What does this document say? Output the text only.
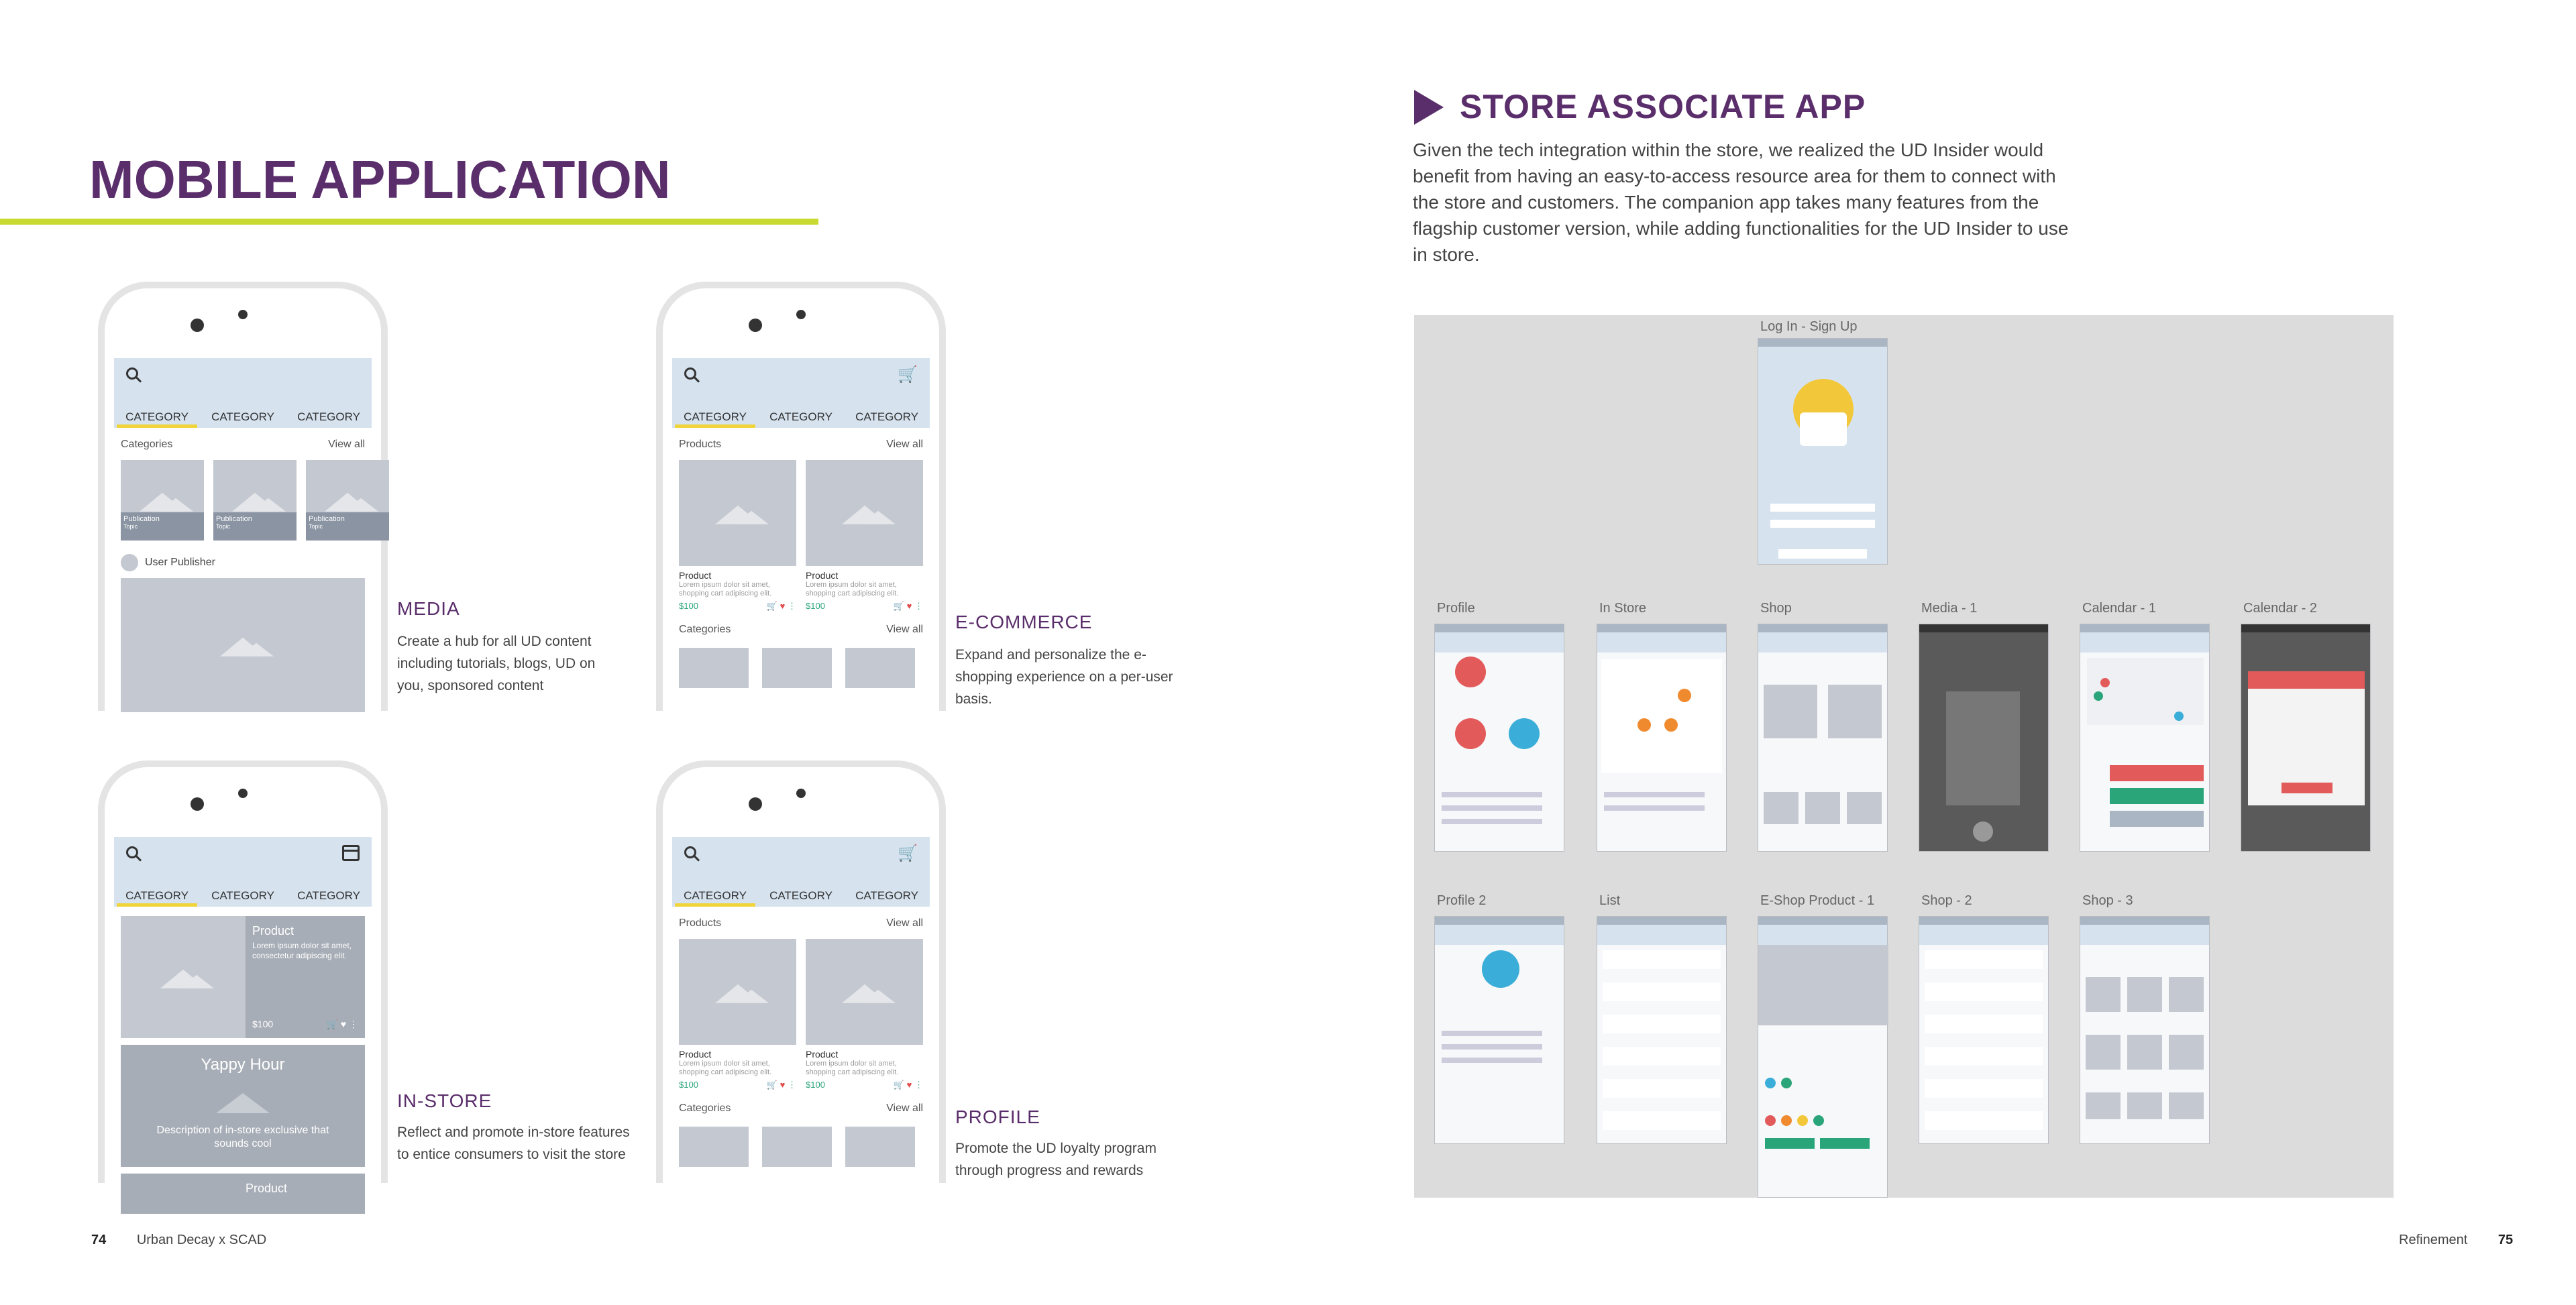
MOBILE APPLICATION
CATEGORY CATEGORY CATEGORY
Categories	View all
Publication
Topic
Publication
Topic
Publication
Topic
User Publisher
MEDIA
Create a hub for all UD content including tutorials, blogs, UD on you, sponsored content
🛒
CATEGORY CATEGORY CATEGORY
Products	View all
Product
Lorem ipsum dolor sit amet, shopping cart adipiscing elit.
$100	🛒 ♥ ⋮
Product
Lorem ipsum dolor sit amet, shopping cart adipiscing elit.
$100	🛒 ♥ ⋮
Categories	View all E-COMMERCE
Expand and personalize the e-shopping experience on a per-user basis.
CATEGORY CATEGORY CATEGORY
Product
Lorem ipsum dolor sit amet, consectetur adipiscing elit.
$100	🛒 ♥ ⋮
Yappy Hour
Description of in-store exclusive that sounds cool
Product
IN-STORE
Reflect and promote in-store features to entice consumers to visit the store
🛒
CATEGORY CATEGORY CATEGORY
Products	View all
Product
Lorem ipsum dolor sit amet, shopping cart adipiscing elit.
$100	🛒 ♥ ⋮
Product
Lorem ipsum dolor sit amet, shopping cart adipiscing elit.
$100	🛒 ♥ ⋮
Categories	View all PROFILE
Promote the UD loyalty program through progress and rewards
74 Urban Decay x SCAD
STORE ASSOCIATE APP

Given the tech integration within the store, we realized the UD Insider would benefit from having an easy-to-access resource area for them to connect with the store and customers. The companion app takes many features from the flagship customer version, while adding functionalities for the UD Insider to use in store.

Log In - Sign Up
Profile	In Store	Shop	Media - 1	Calendar - 1	Calendar - 2
Profile 2	List	E-Shop Product - 1	Shop - 2	Shop - 3
Refinement 75
